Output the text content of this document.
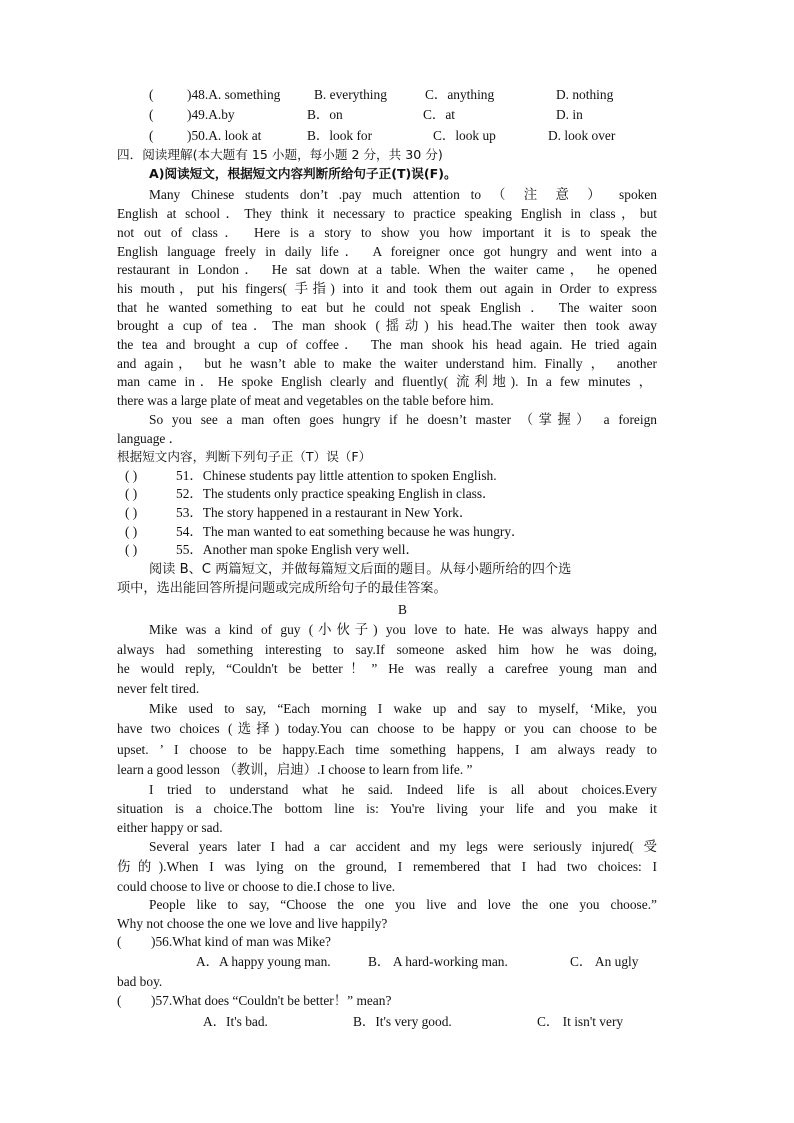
(	)48.A. something	B. everything	C．anything	D. nothing
(	)49.A.by	B．on	C．at	D. in
(	)50.A. look at	B．look for	C．look up	D. look over
四．阅读理解(本大题有 15 小题，每小题 2 分，共 30 分)
A)阅读短文，根据短文内容判断所给句子正(T)误(F)。
Many Chinese students don’t .pay much attention to （ 注 意 ） spoken
English at school．They think it necessary to practice speaking English in class，but
not out of class． Here is a story to show you how important it is to speak the
English language freely in daily life． A foreigner once got hungry and went into a
restaurant in London． He sat down at a table. When the waiter came， he opened
his mouth，put his fingers( 手指) into it and took them out again in Order to express
that he wanted something to eat but he could not speak English ． The waiter soon
brought a cup of tea．The man shook (摇动) his head.The waiter then took away
the tea and brought a cup of coffee． The man shook his head again. He tried again
and again， but he wasn’t able to make the waiter understand him. Finally ， another
man came in．He spoke English clearly and fluently( 流利地). In a few minutes ，
there was a large plate of meat and vegetables on the table before him.
So you see a man often goes hungry if he doesn’t master （掌握） a foreign
language ．
根据短文内容，判断下列句子正（T）误（F）
( )	51．Chinese students pay little attention to spoken English.
( )	52．The students only practice speaking English in class．
( )	53．The story happened in a restaurant in New York．
( )	54．The man wanted to eat something because he was hungry．
( )	55．Another man spoke English very well．
阅读 B、C 两篇短文，并做每篇短文后面的题目。从每小题所给的四个选
项中，选出能回答所提问题或完成所给句子的最佳答案。
B
Mike was a kind of guy (小伙子) you love to hate. He was always happy and
always had something interesting to say.If someone asked him how he was doing,
he would reply, “Couldn't be better！” He was really a carefree young man and
never felt tired.
Mike used to say, “Each morning I wake up and say to myself, ‘Mike, you
have two choices (选择) today.You can choose to be happy or you can choose to be
upset. ’ I choose to be happy.Each time something happens, I am always ready to
learn a good lesson （教训，启迪）.I choose to learn from life. ”
I tried to understand what he said. Indeed life is all about choices.Every
situation is a choice.The bottom line is: You're living your life and you make it
either happy or sad.
Several years later I had a car accident and my legs were seriously injured( 受
伤的).When I was lying on the ground, I remembered that I had two choices: I
could choose to live or choose to die.I chose to live.
People like to say, “Choose the one you live and love the one you choose.”
Why not choose the one we love and live happily?
( )56.What kind of man was Mike?
A．A happy young man.	B． A hard-working man.	C． An ugly
bad boy.
( )57.What does “Couldn't be better！” mean?
A．It's bad.	B．It's very good.	C． It isn't very
